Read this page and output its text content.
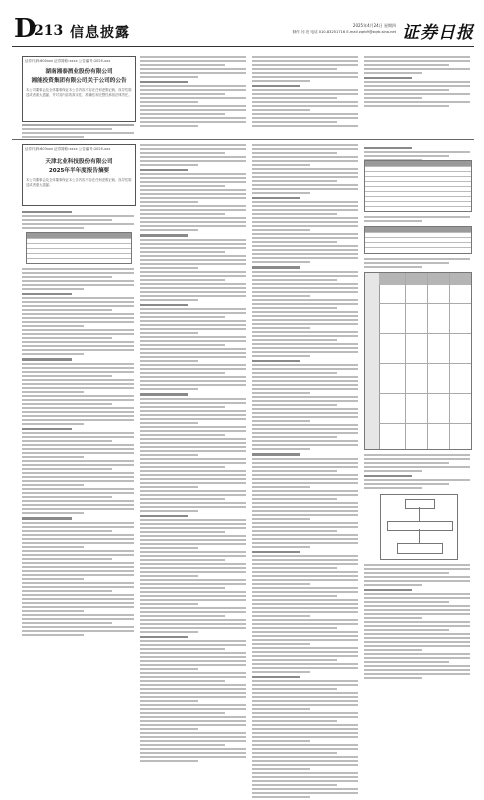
D
213 信息披露	2025年4月24日 星期四
制作 闫 亮 电话 010-83251716 E-mail zqrb9@zqrb.sina.net 证券日报
证券代码:600xxx 证券简称:xxxx 公告编号:2025-xxx
湖南湘泰酒业股份有限公司
湘能投资集团有限公司关于公司的公告
本公司董事会及全体董事保证本公告内容不存在任何虚假记载、误导性陈述或者重大遗漏，并对其内容的真实性、准确性和完整性承担法律责任。
证券代码:603xxx 证券简称:xxxx 公告编号:2025-xxx
天津北业科技股份有限公司
2025年半年度报告摘要
本公司董事会及全体董事保证本公告内容不存在任何虚假记载、误导性陈述或者重大遗漏。
